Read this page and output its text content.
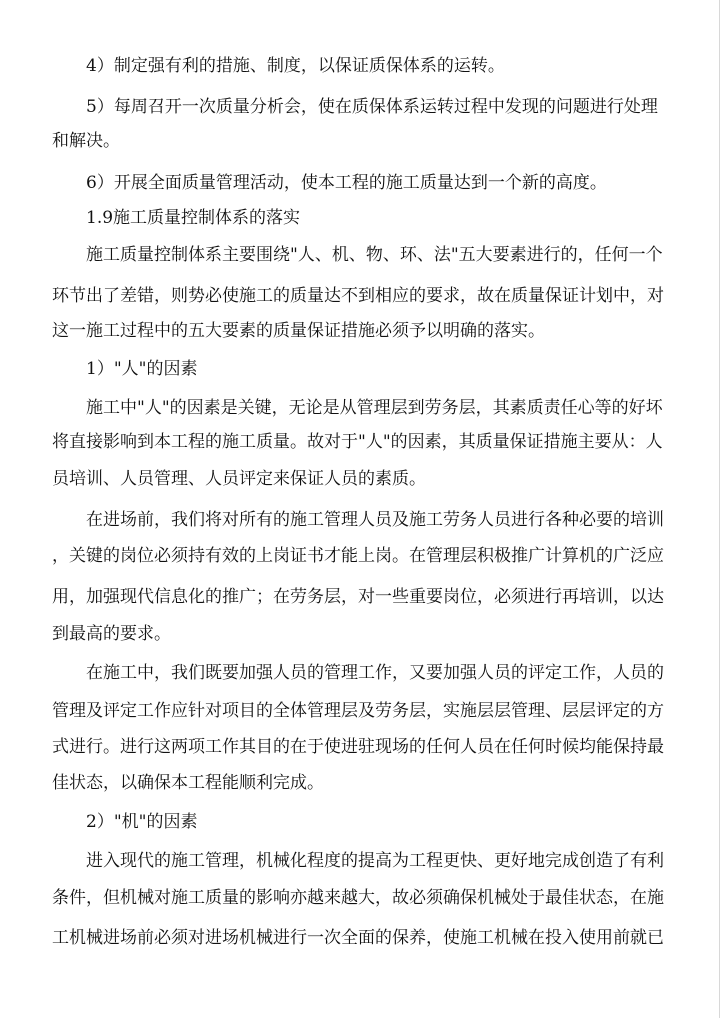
4）制定强有利的措施、制度，以保证质保体系的运转。
5）每周召开一次质量分析会，使在质保体系运转过程中发现的问题进行处理
和解决。
6）开展全面质量管理活动，使本工程的施工质量达到一个新的高度。
1.9施工质量控制体系的落实
施工质量控制体系主要围绕"人、机、物、环、法"五大要素进行的，任何一个
环节出了差错，则势必使施工的质量达不到相应的要求，故在质量保证计划中，对
这一施工过程中的五大要素的质量保证措施必须予以明确的落实。
1）"人"的因素
施工中"人"的因素是关键，无论是从管理层到劳务层，其素质责任心等的好坏
将直接影响到本工程的施工质量。故对于"人"的因素，其质量保证措施主要从：人
员培训、人员管理、人员评定来保证人员的素质。
在进场前，我们将对所有的施工管理人员及施工劳务人员进行各种必要的培训
，关键的岗位必须持有效的上岗证书才能上岗。在管理层积极推广计算机的广泛应
用，加强现代信息化的推广；在劳务层，对一些重要岗位，必须进行再培训，以达
到最高的要求。
在施工中，我们既要加强人员的管理工作，又要加强人员的评定工作，人员的
管理及评定工作应针对项目的全体管理层及劳务层，实施层层管理、层层评定的方
式进行。进行这两项工作其目的在于使进驻现场的任何人员在任何时候均能保持最
佳状态，以确保本工程能顺利完成。
2）"机"的因素
进入现代的施工管理，机械化程度的提高为工程更快、更好地完成创造了有利
条件，但机械对施工质量的影响亦越来越大，故必须确保机械处于最佳状态，在施
工机械进场前必须对进场机械进行一次全面的保养，使施工机械在投入使用前就已
